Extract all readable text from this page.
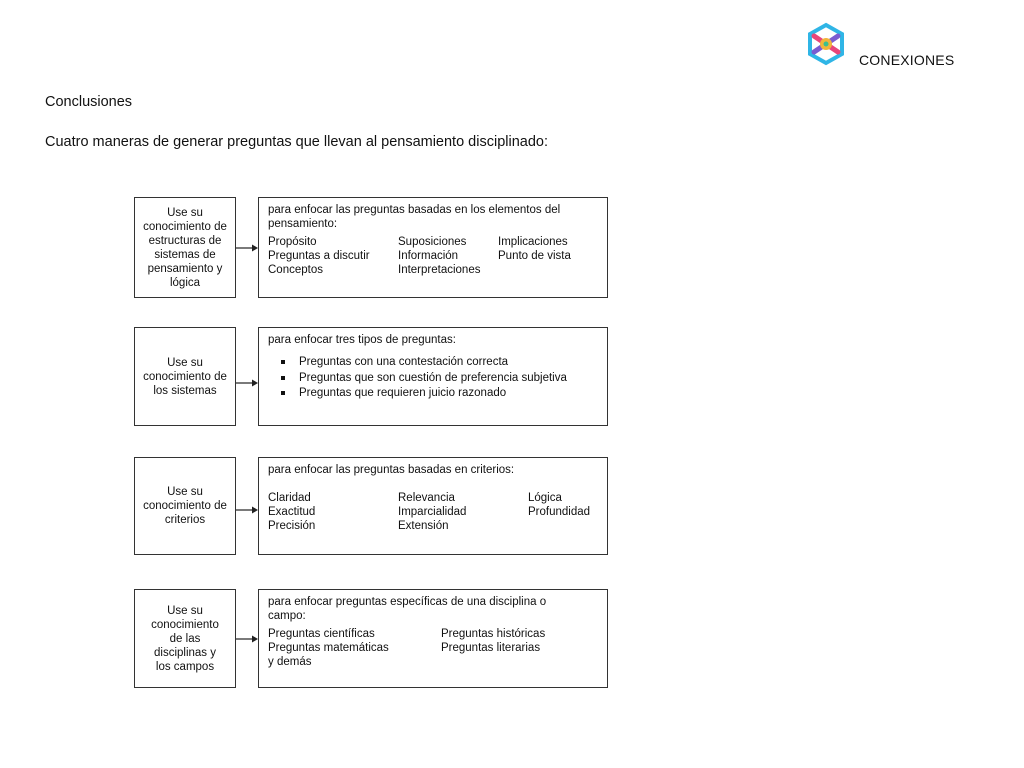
CONEXIONES
Conclusiones
Cuatro maneras de generar preguntas que llevan al pensamiento disciplinado:
Use su conocimiento de estructuras de sistemas de pensamiento y lógica
para enfocar las preguntas basadas en los elementos del pensamiento:
Propósito
Preguntas a discutir
Conceptos
Suposiciones
Información
Interpretaciones
Implicaciones
Punto de vista
Use su conocimiento de los sistemas
para enfocar tres tipos de preguntas:
Preguntas con una contestación correcta
Preguntas que son cuestión de preferencia subjetiva
Preguntas que requieren juicio razonado
Use su conocimiento de criterios
para enfocar las preguntas basadas en criterios:
Claridad
Exactitud
Precisión
Relevancia
Imparcialidad
Extensión
Lógica
Profundidad
Use su conocimiento de las disciplinas y los campos
para enfocar preguntas específicas de una disciplina o campo:
Preguntas científicas
Preguntas matemáticas
y demás
Preguntas históricas
Preguntas literarias
